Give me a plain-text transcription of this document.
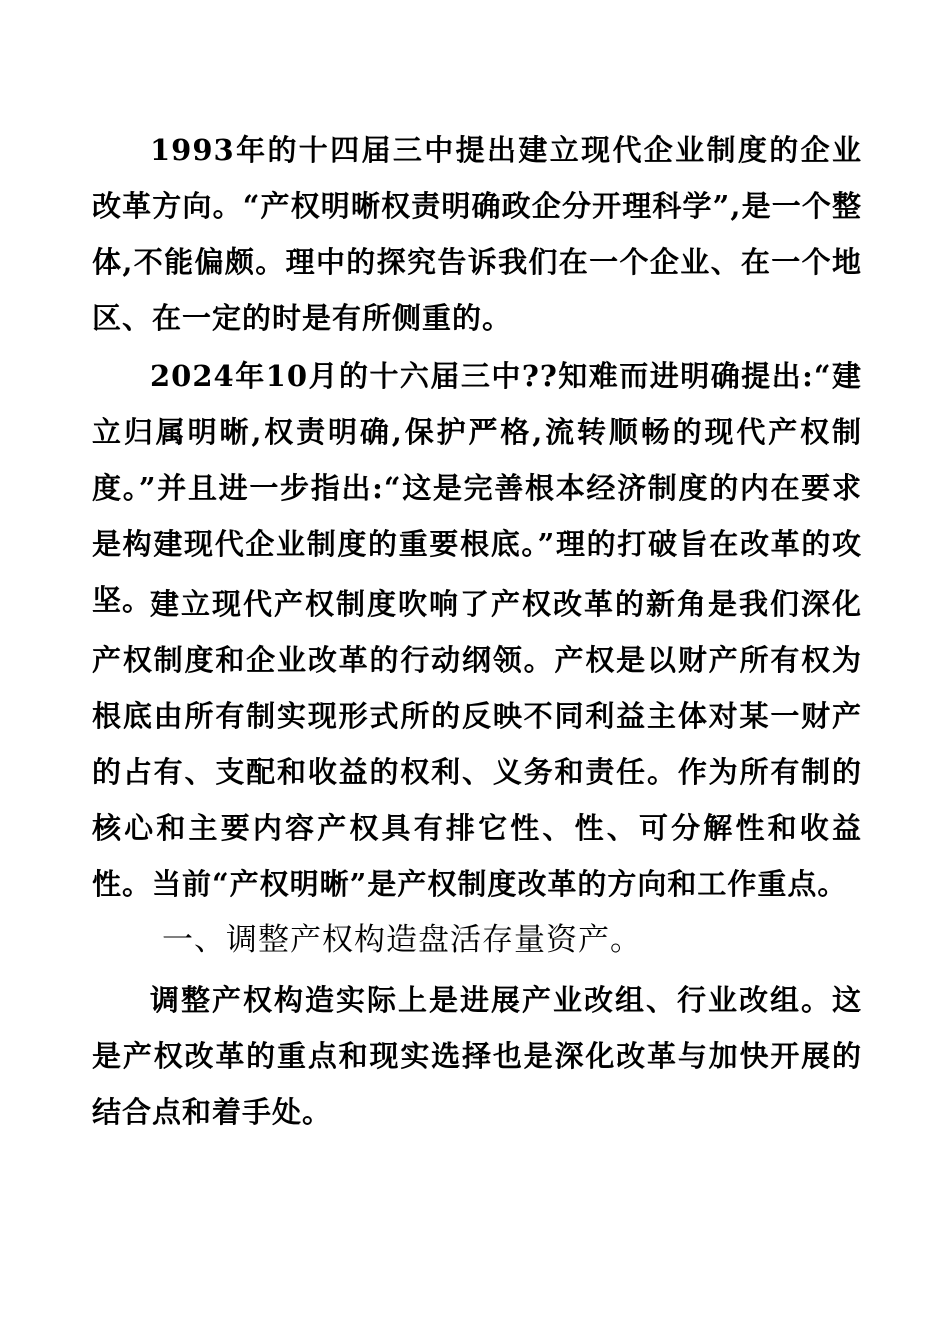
1993年的十四届三中提出建立现代企业制度的企业改革方向。“产权明晰权责明确政企分开理科学”,是一个整体,不能偏颇。理中的探究告诉我们在一个企业、在一个地区、在一定的时是有所侧重的。

2024年10月的十六届三中??知难而进明确提出:“建立归属明晰,权责明确,保护严格,流转顺畅的现代产权制度。”并且进一步指出:“这是完善根本经济制度的内在要求是构建现代企业制度的重要根底。”理的打破旨在改革的攻坚。

建立现代产权制度吹响了产权改革的新角是我们深化产权制度和企业改革的行动纲领。产权是以财产所有权为根底由所有制实现形式所的反映不同利益主体对某一财产的占有、支配和收益的权利、义务和责任。作为所有制的核心和主要内容产权具有排它性、性、可分解性和收益性。当前“产权明晰”是产权制度改革的方向和工作重点。

一、调整产权构造盘活存量资产。

调整产权构造实际上是进展产业改组、行业改组。这是产权改革的重点和现实选择也是深化改革与加快开展的结合点和着手处。
